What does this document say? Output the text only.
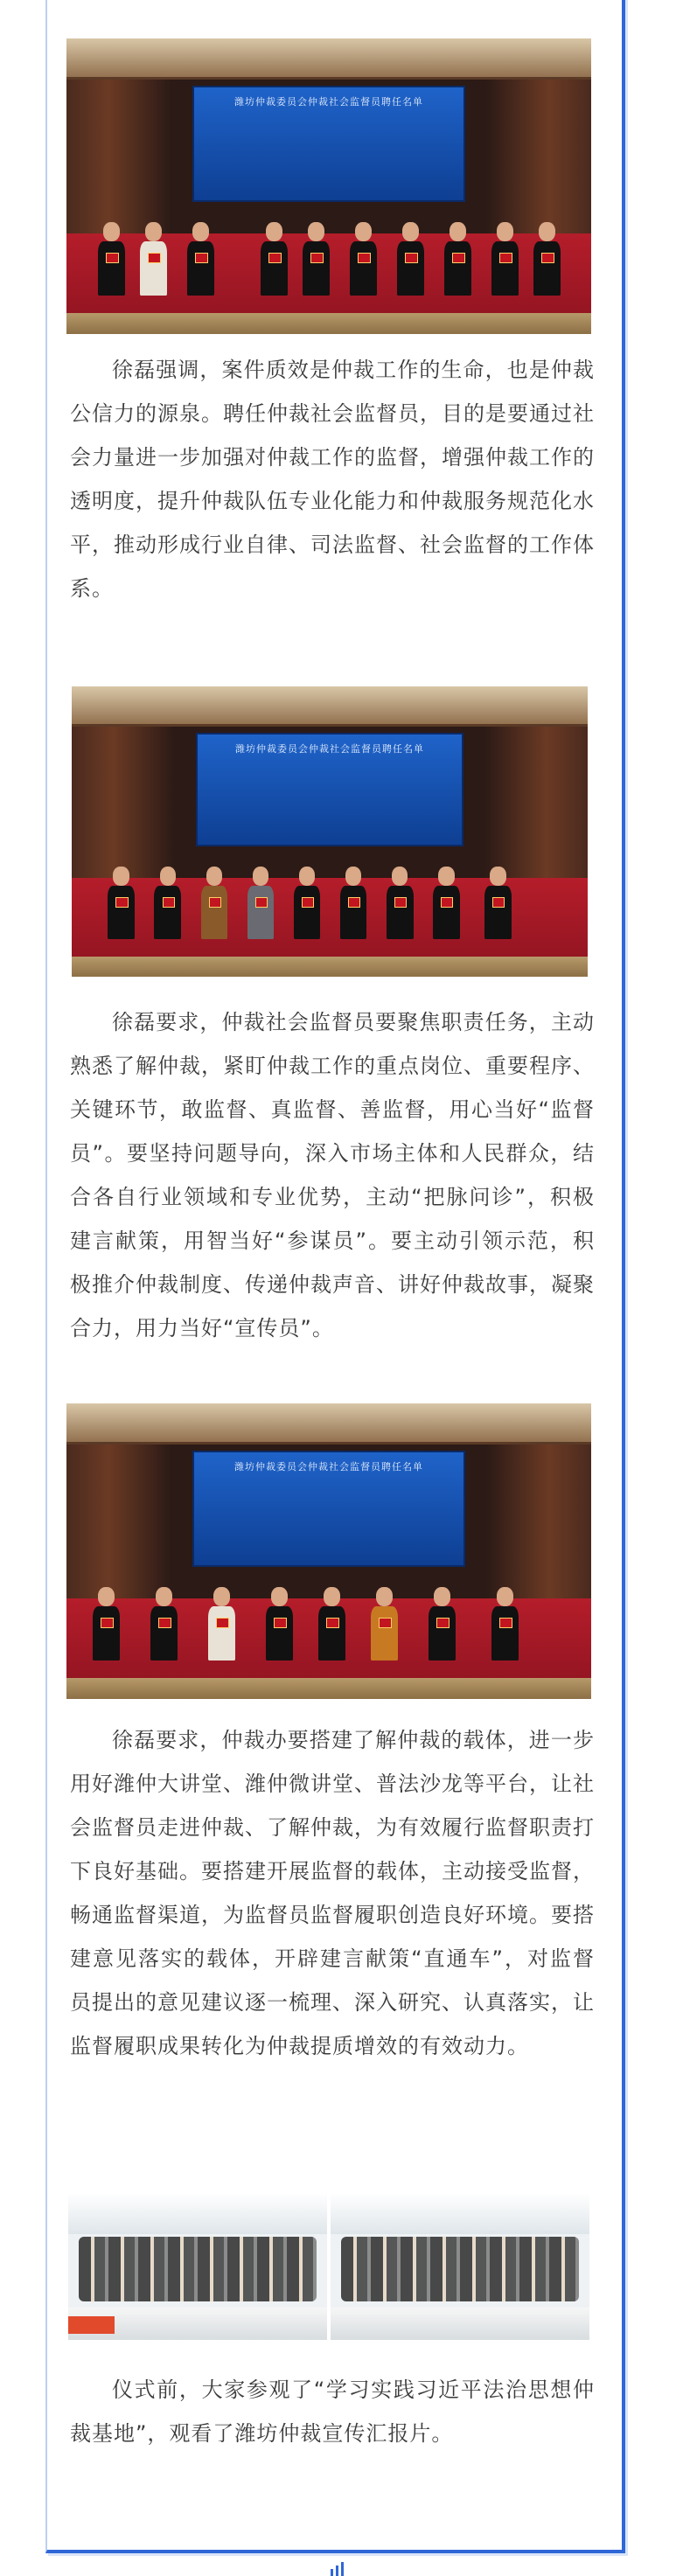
潍坊仲裁委员会仲裁社会监督员聘任名单

徐磊强调，案件质效是仲裁工作的生命，也是仲裁公信力的源泉。聘任仲裁社会监督员，目的是要通过社会力量进一步加强对仲裁工作的监督，增强仲裁工作的透明度，提升仲裁队伍专业化能力和仲裁服务规范化水平，推动形成行业自律、司法监督、社会监督的工作体系。

潍坊仲裁委员会仲裁社会监督员聘任名单

徐磊要求，仲裁社会监督员要聚焦职责任务，主动熟悉了解仲裁，紧盯仲裁工作的重点岗位、重要程序、关键环节，敢监督、真监督、善监督，用心当好“监督员”。要坚持问题导向，深入市场主体和人民群众，结合各自行业领域和专业优势，主动“把脉问诊”，积极建言献策，用智当好“参谋员”。要主动引领示范，积极推介仲裁制度、传递仲裁声音、讲好仲裁故事，凝聚合力，用力当好“宣传员”。

潍坊仲裁委员会仲裁社会监督员聘任名单

徐磊要求，仲裁办要搭建了解仲裁的载体，进一步用好潍仲大讲堂、潍仲微讲堂、普法沙龙等平台，让社会监督员走进仲裁、了解仲裁，为有效履行监督职责打下良好基础。要搭建开展监督的载体，主动接受监督，畅通监督渠道，为监督员监督履职创造良好环境。要搭建意见落实的载体，开辟建言献策“直通车”，对监督员提出的意见建议逐一梳理、深入研究、认真落实，让监督履职成果转化为仲裁提质增效的有效动力。

仪式前，大家参观了“学习实践习近平法治思想仲裁基地”，观看了潍坊仲裁宣传汇报片。
